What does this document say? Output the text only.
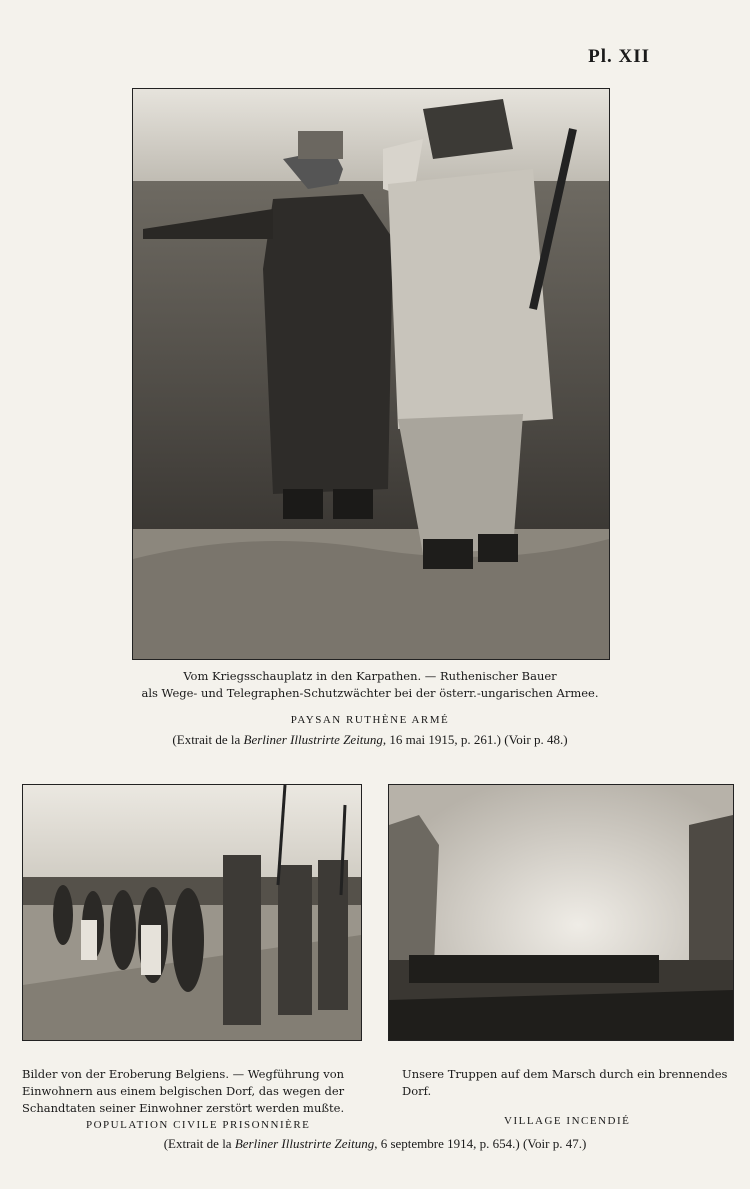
Pl. XII
Vom Kriegsschauplatz in den Karpathen. — Ruthenischer Bauer
als Wege- und Telegraphen-Schutzwächter bei der österr.-ungarischen Armee.
PAYSAN RUTHÈNE ARMÉ
(Extrait de la Berliner Illustrirte Zeitung, 16 mai 1915, p. 261.) (Voir p. 48.)
Bilder von der Eroberung Belgiens. — Wegführung von
Einwohnern aus einem belgischen Dorf, das wegen der
Schandtaten seiner Einwohner zerstört werden mußte.
Unsere Truppen auf dem Marsch durch ein brennendes Dorf.
POPULATION CIVILE PRISONNIÈRE	VILLAGE INCENDIÉ
(Extrait de la Berliner Illustrirte Zeitung, 6 septembre 1914, p. 654.) (Voir p. 47.)
